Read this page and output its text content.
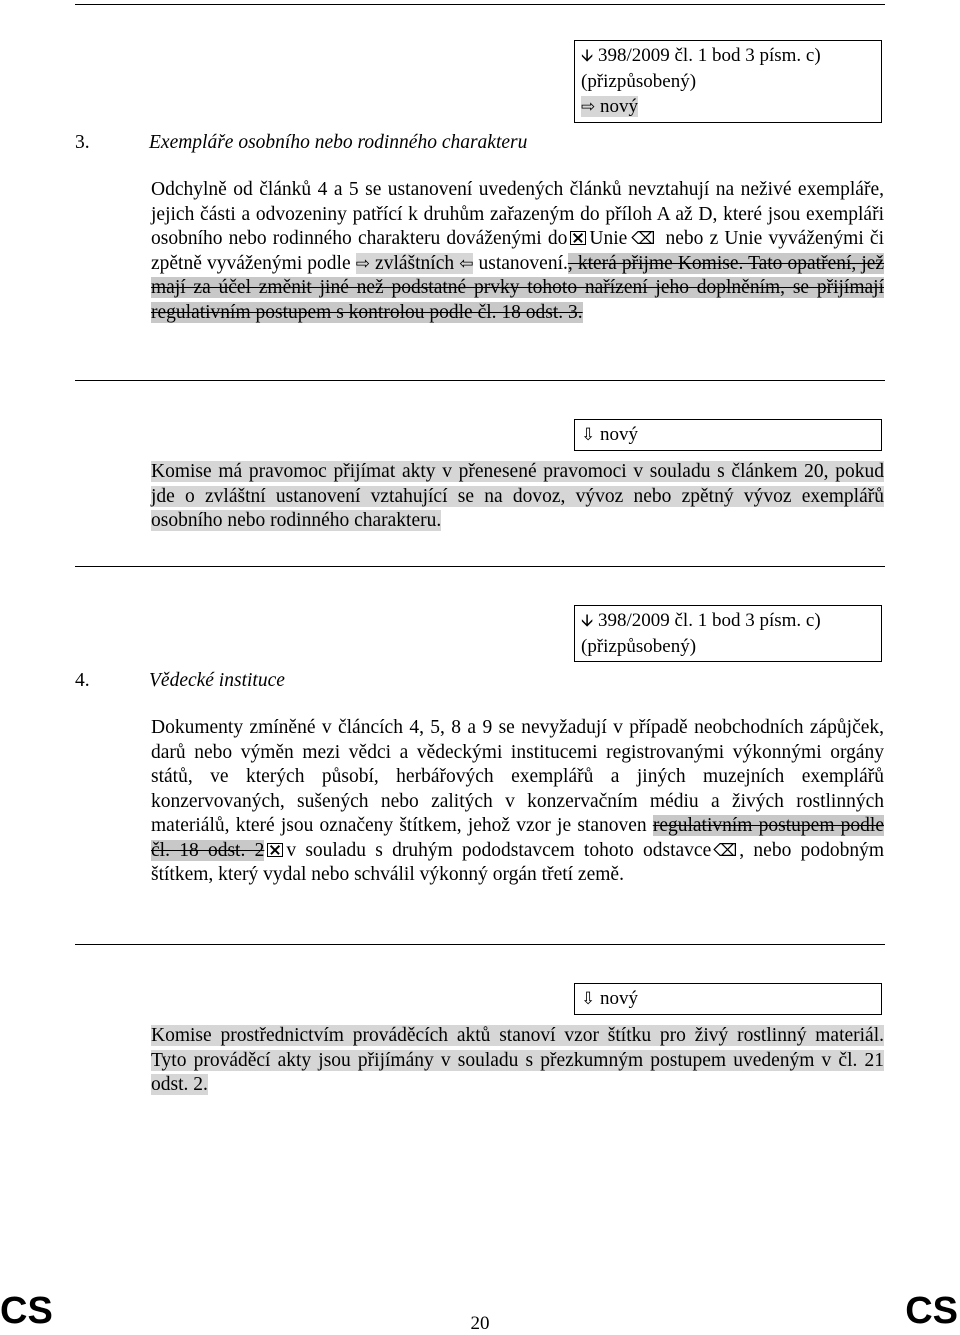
🡫 398/2009 čl. 1 bod 3 písm. c)
(přizpůsobený)
⇨ nový
3.	Exempláře osobního nebo rodinného charakteru
Odchylně od článků 4 a 5 se ustanovení uvedených článků nevztahují na neživé exempláře, jejich části a odvozeniny patřící k druhům zařazeným do příloh A až D, které jsou exempláři osobního nebo rodinného charakteru dováženými do Unie ⌫ nebo z Unie vyváženými či zpětně vyváženými podle ⇨ zvláštních ⇦ ustanovení., která přijme Komise. Tato opatření, jež mají za účel změnit jiné než podstatné prvky tohoto nařízení jeho doplněním, se přijímají regulativním postupem s kontrolou podle čl. 18 odst. 3.
⇩ nový
Komise má pravomoc přijímat akty v přenesené pravomoci v souladu s článkem 20, pokud jde o zvláštní ustanovení vztahující se na dovoz, vývoz nebo zpětný vývoz exemplářů osobního nebo rodinného charakteru.
🡫 398/2009 čl. 1 bod 3 písm. c)
(přizpůsobený)
4.	Vědecké instituce
Dokumenty zmíněné v článcích 4, 5, 8 a 9 se nevyžadují v případě neobchodních zápůjček, darů nebo výměn mezi vědci a vědeckými institucemi registrovanými výkonnými orgány států, ve kterých působí, herbářových exemplářů a jiných muzejních exemplářů konzervovaných, sušených nebo zalitých v konzervačním médiu a živých rostlinných materiálů, které jsou označeny štítkem, jehož vzor je stanoven regulativním postupem podle čl. 18 odst. 2 v souladu s druhým pododstavcem tohoto odstavce ⌫ , nebo podobným štítkem, který vydal nebo schválil výkonný orgán třetí země.
⇩ nový
Komise prostřednictvím prováděcích aktů stanoví vzor štítku pro živý rostlinný materiál. Tyto prováděcí akty jsou přijímány v souladu s přezkumným postupem uvedeným v čl. 21 odst. 2.
CS	20	CS
